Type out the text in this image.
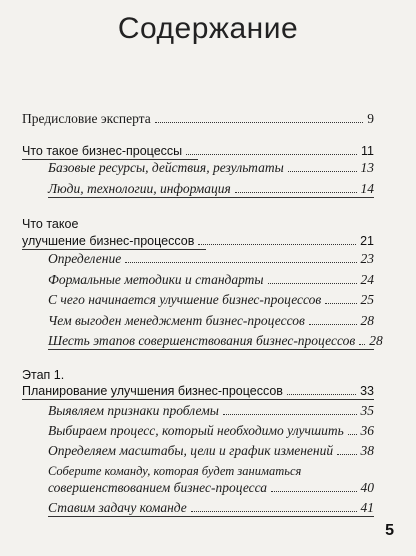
Содержание
Предисловие эксперта	9
Что такое бизнес-процессы	11
Базовые ресурсы, действия, результаты	13
Люди, технологии, информация	14
Что такое
улучшение бизнес-процессов	21
Определение	23
Формальные методики и стандарты	24
С чего начинается улучшение бизнес-процессов	25
Чем выгоден менеджмент бизнес-процессов	28
Шесть этапов совершенствования бизнес-процессов 28
Этап 1.
Планирование улучшения бизнес-процессов	33
Выявляем признаки проблемы	35
Выбираем процесс, который необходимо улучшить 36
Определяем масштабы, цели и график изменений 38
Соберите команду, которая будет заниматься
совершенствованием бизнес-процесса	40
Ставим задачу команде	41
5
